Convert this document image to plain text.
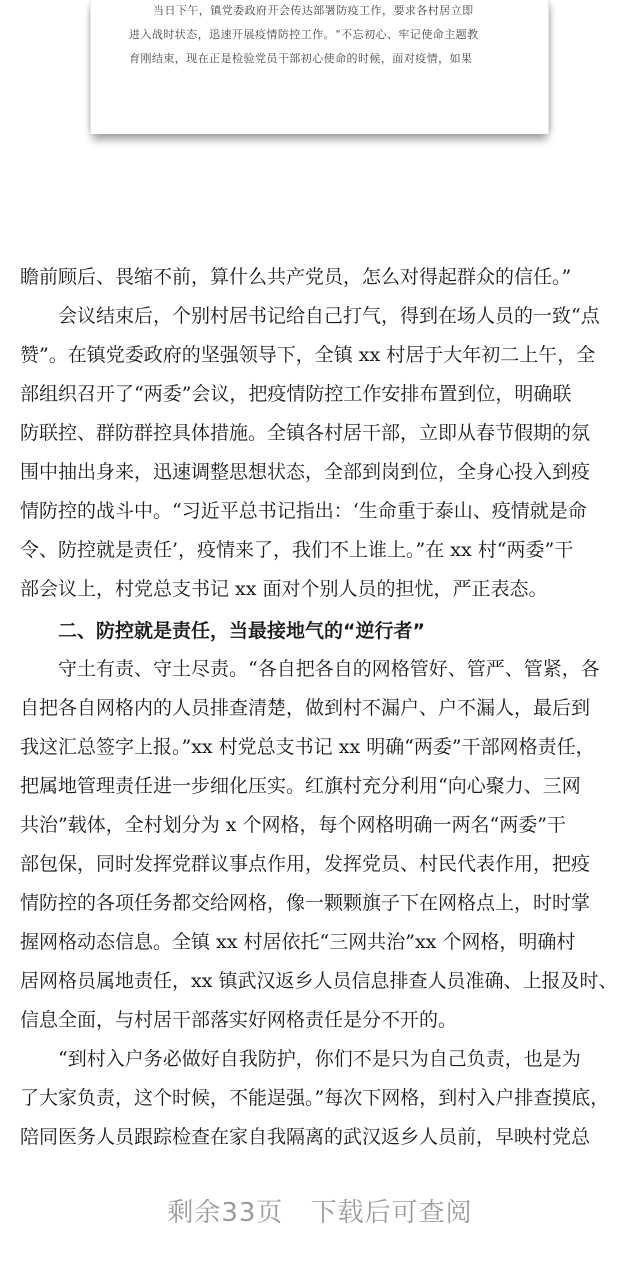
当日下午，镇党委政府开会传达部署防疫工作，要求各村居立即
进入战时状态，迅速开展疫情防控工作。“不忘初心、牢记使命主题教
育刚结束，现在正是检验党员干部初心使命的时候，面对疫情，如果
瞻前顾后、畏缩不前，算什么共产党员，怎么对得起群众的信任。”
　　会议结束后，个别村居书记给自己打气，得到在场人员的一致“点
赞”。在镇党委政府的坚强领导下，全镇 xx 村居于大年初二上午，全
部组织召开了“两委”会议，把疫情防控工作安排布置到位，明确联
防联控、群防群控具体措施。全镇各村居干部，立即从春节假期的氛
围中抽出身来，迅速调整思想状态，全部到岗到位，全身心投入到疫
情防控的战斗中。“习近平总书记指出：‘生命重于泰山、疫情就是命
令、防控就是责任’，疫情来了，我们不上谁上。”在 xx 村“两委”干
部会议上，村党总支书记 xx 面对个别人员的担忧，严正表态。
二、防控就是责任，当最接地气的“逆行者”
　　守土有责、守土尽责。“各自把各自的网格管好、管严、管紧，各
自把各自网格内的人员排查清楚，做到村不漏户、户不漏人，最后到
我这汇总签字上报。”xx 村党总支书记 xx 明确“两委”干部网格责任，
把属地管理责任进一步细化压实。红旗村充分利用“向心聚力、三网
共治”载体，全村划分为 x 个网格，每个网格明确一两名“两委”干
部包保，同时发挥党群议事点作用，发挥党员、村民代表作用，把疫
情防控的各项任务都交给网格，像一颗颗旗子下在网格点上，时时掌
握网格动态信息。全镇 xx 村居依托“三网共治”xx 个网格，明确村
居网格员属地责任，xx 镇武汉返乡人员信息排查人员准确、上报及时、
信息全面，与村居干部落实好网格责任是分不开的。
　　“到村入户务必做好自我防护，你们不是只为自己负责，也是为
了大家负责，这个时候，不能逞强。”每次下网格，到村入户排查摸底，
陪同医务人员跟踪检查在家自我隔离的武汉返乡人员前，早映村党总
剩余33页 下载后可查阅
